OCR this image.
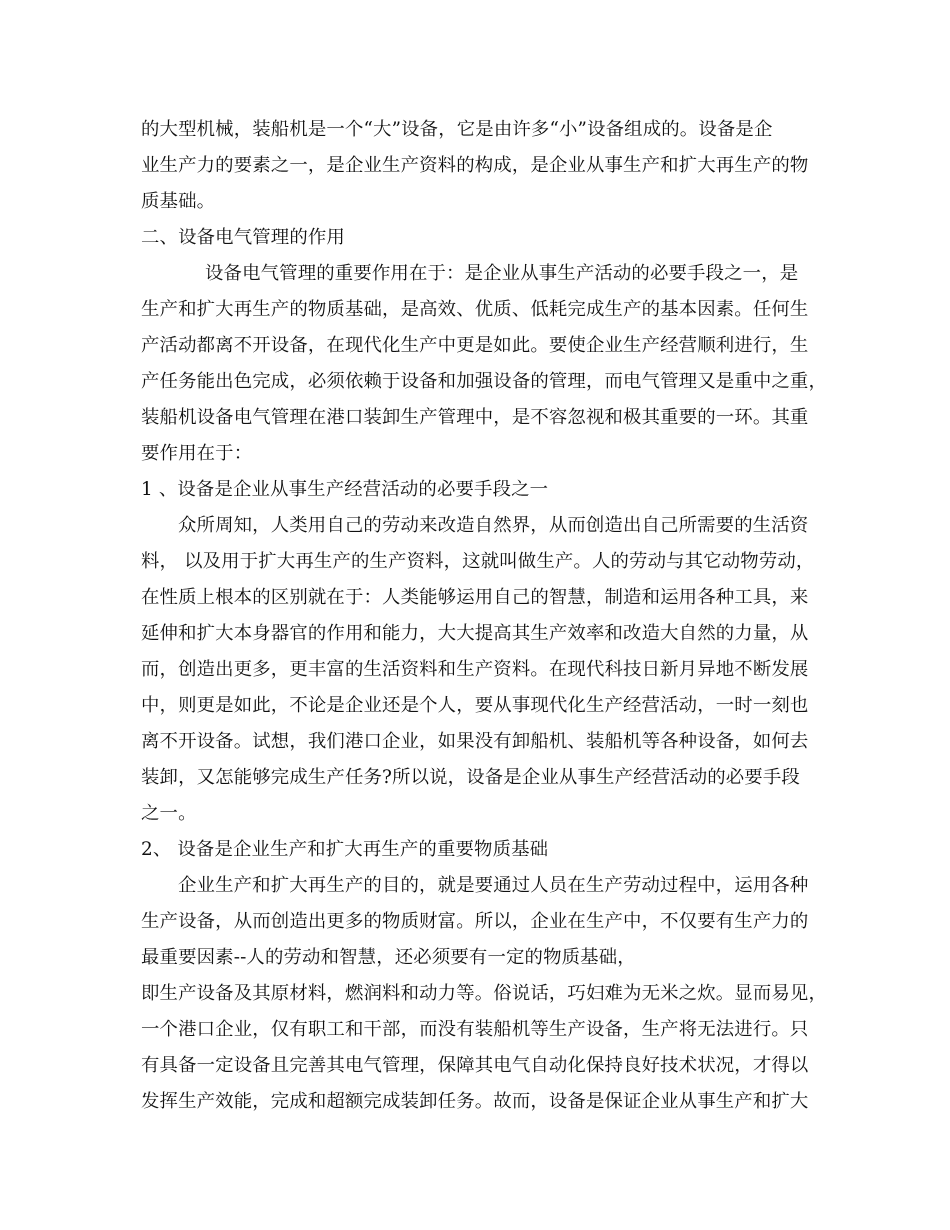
的大型机械，装船机是一个“大”设备，它是由许多“小”设备组成的。设备是企
业生产力的要素之一，是企业生产资料的构成，是企业从事生产和扩大再生产的物
质基础。
二、设备电气管理的作用
设备电气管理的重要作用在于：是企业从事生产活动的必要手段之一，是
生产和扩大再生产的物质基础，是高效、优质、低耗完成生产的基本因素。任何生
产活动都离不开设备，在现代化生产中更是如此。要使企业生产经营顺利进行，生
产任务能出色完成，必须依赖于设备和加强设备的管理，而电气管理又是重中之重，
装船机设备电气管理在港口装卸生产管理中，是不容忽视和极其重要的一环。其重
要作用在于：
1 、设备是企业从事生产经营活动的必要手段之一
众所周知，人类用自己的劳动来改造自然界，从而创造出自己所需要的生活资
料， 以及用于扩大再生产的生产资料，这就叫做生产。人的劳动与其它动物劳动，
在性质上根本的区别就在于：人类能够运用自己的智慧，制造和运用各种工具，来
延伸和扩大本身器官的作用和能力，大大提高其生产效率和改造大自然的力量，从
而，创造出更多，更丰富的生活资料和生产资料。在现代科技日新月异地不断发展
中，则更是如此，不论是企业还是个人，要从事现代化生产经营活动，一时一刻也
离不开设备。试想，我们港口企业，如果没有卸船机、装船机等各种设备，如何去
装卸，又怎能够完成生产任务?所以说，设备是企业从事生产经营活动的必要手段
之一。
2、 设备是企业生产和扩大再生产的重要物质基础
企业生产和扩大再生产的目的，就是要通过人员在生产劳动过程中，运用各种
生产设备，从而创造出更多的物质财富。所以，企业在生产中，不仅要有生产力的
最重要因素--人的劳动和智慧，还必须要有一定的物质基础，
即生产设备及其原材料，燃润料和动力等。俗说话，巧妇难为无米之炊。显而易见，
一个港口企业，仅有职工和干部，而没有装船机等生产设备，生产将无法进行。只
有具备一定设备且完善其电气管理，保障其电气自动化保持良好技术状况，才得以
发挥生产效能，完成和超额完成装卸任务。故而，设备是保证企业从事生产和扩大
